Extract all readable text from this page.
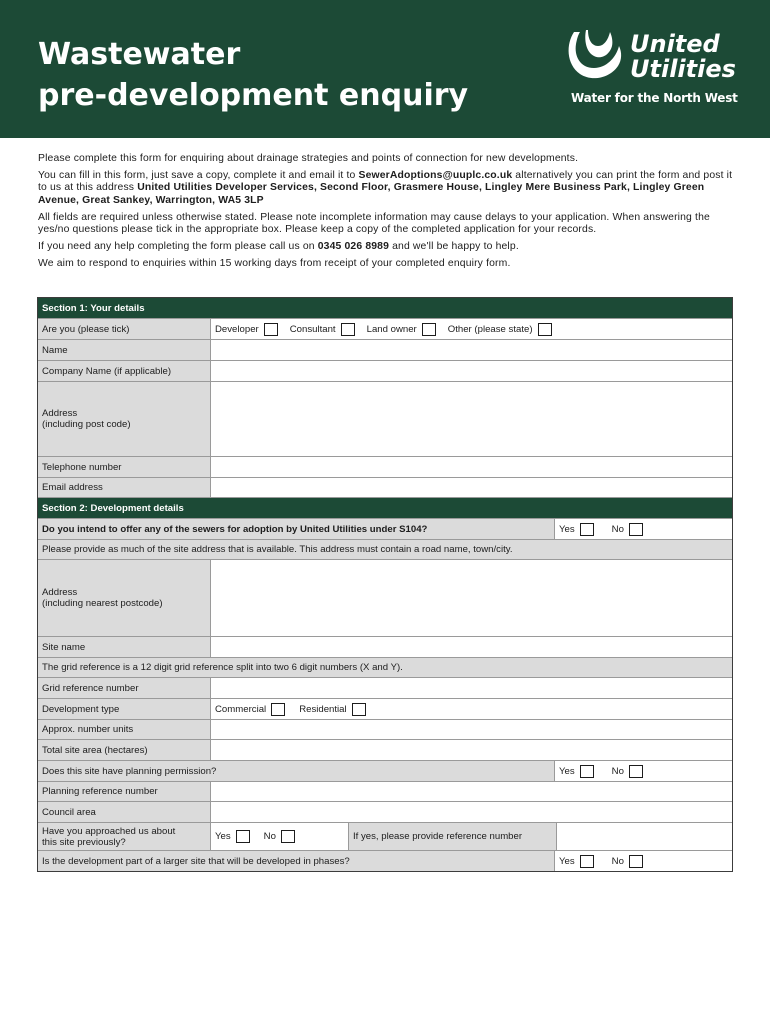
Wastewater
pre-development enquiry
United
Utilities
Water for the North West

Please complete this form for enquiring about drainage strategies and points of connection for new developments.

You can fill in this form, just save a copy, complete it and email it to SewerAdoptions@uuplc.co.uk alternatively you can print the form and post it to us at this address United Utilities Developer Services, Second Floor, Grasmere House, Lingley Mere Business Park, Lingley Green Avenue, Great Sankey, Warrington, WA5 3LP

All fields are required unless otherwise stated. Please note incomplete information may cause delays to your application. When answering the yes/no questions please tick in the appropriate box. Please keep a copy of the completed application for your records.

If you need any help completing the form please call us on 0345 026 8989 and we'll be happy to help.

We aim to respond to enquiries within 15 working days from receipt of your completed enquiry form.

Section 1: Your details
Are you (please tick)	Developer	Consultant	Land owner	Other (please state)
Name
Company Name (if applicable)
Address
(including post code)
Telephone number
Email address
Section 2: Development details
Do you intend to offer any of the sewers for adoption by United Utilities under S104?	Yes	No
Please provide as much of the site address that is available. This address must contain a road name, town/city.
Address
(including nearest postcode)
Site name
The grid reference is a 12 digit grid reference split into two 6 digit numbers (X and Y).
Grid reference number
Development type	Commercial	Residential
Approx. number units
Total site area (hectares)
Does this site have planning permission?	Yes	No
Planning reference number
Council area
Have you approached us about
this site previously?	Yes	No	If yes, please provide reference number
Is the development part of a larger site that will be developed in phases?	Yes	No
